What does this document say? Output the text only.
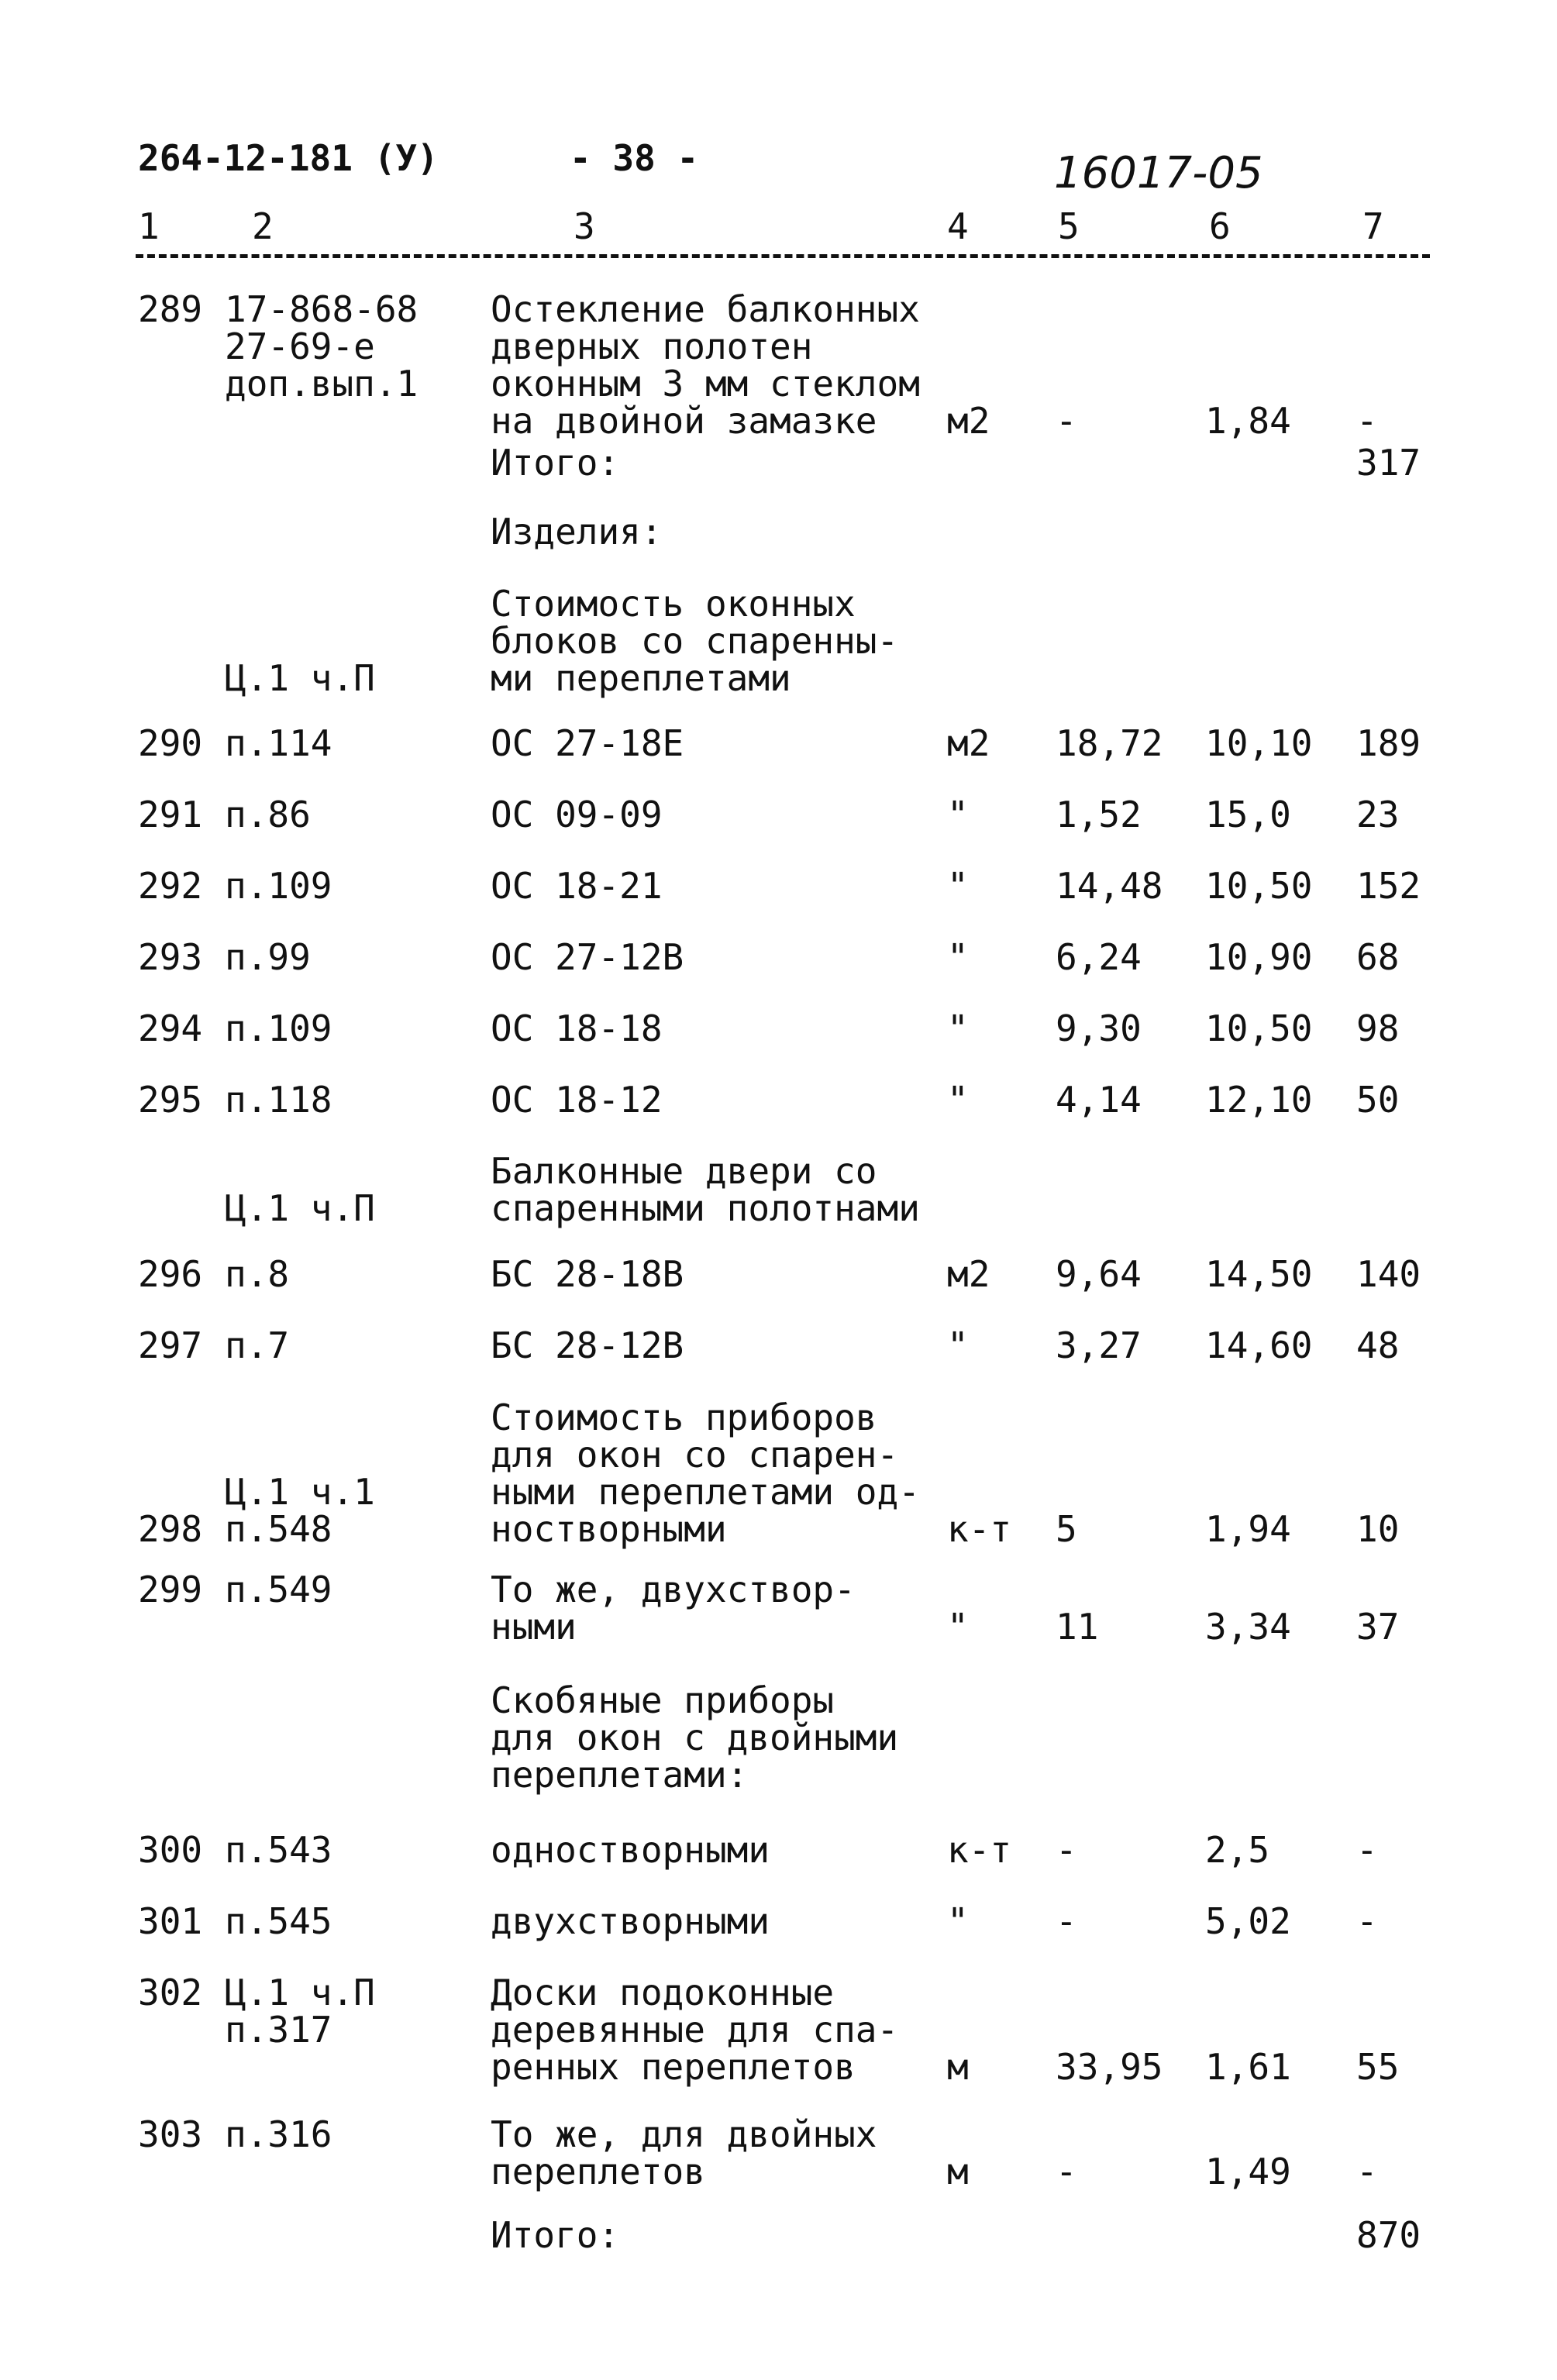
264-12-181 (У)	- 38 -	16017-05
1	2	3	4	5	6	7
289 17-868-68
27-69-е
доп.вып.1
Остекление балконных
дверных полотен
оконным 3 мм стеклом
на двойной замазке	м2	-	1,84	-
Итого:	317
Изделия:
Ц.1 ч.П
Стоимость оконных
блоков со спаренны-
ми переплетами
290 п.114	ОС 27-18Е	м2	18,72	10,10	189
291 п.86	ОС 09-09	"	1,52	15,0	23
292 п.109	ОС 18-21	"	14,48	10,50	152
293 п.99	ОС 27-12В	"	6,24	10,90	68
294 п.109	ОС 18-18	"	9,30	10,50	98
295 п.118	ОС 18-12	"	4,14	12,10	50
Ц.1 ч.П
Балконные двери со
спаренными полотнами
296 п.8	БС 28-18В	м2	9,64	14,50	140
297 п.7	БС 28-12В	"	3,27	14,60	48
298
Ц.1 ч.1
п.548
Стоимость приборов
для окон со спарен-
ными переплетами од-
ностворными	к-т	5	1,94	10
299 п.549	То же, двухствор-
ными	"	11	3,34	37
Скобяные приборы
для окон с двойными
переплетами:
300 п.543	одностворными	к-т	-	2,5	-
301 п.545	двухстворными	"	-	5,02	-
302 Ц.1 ч.П
п.317
Доски подоконные
деревянные для спа-
ренных переплетов	м	33,95	1,61	55
303 п.316	То же, для двойных
переплетов	м	-	1,49	-
Итого:	870
